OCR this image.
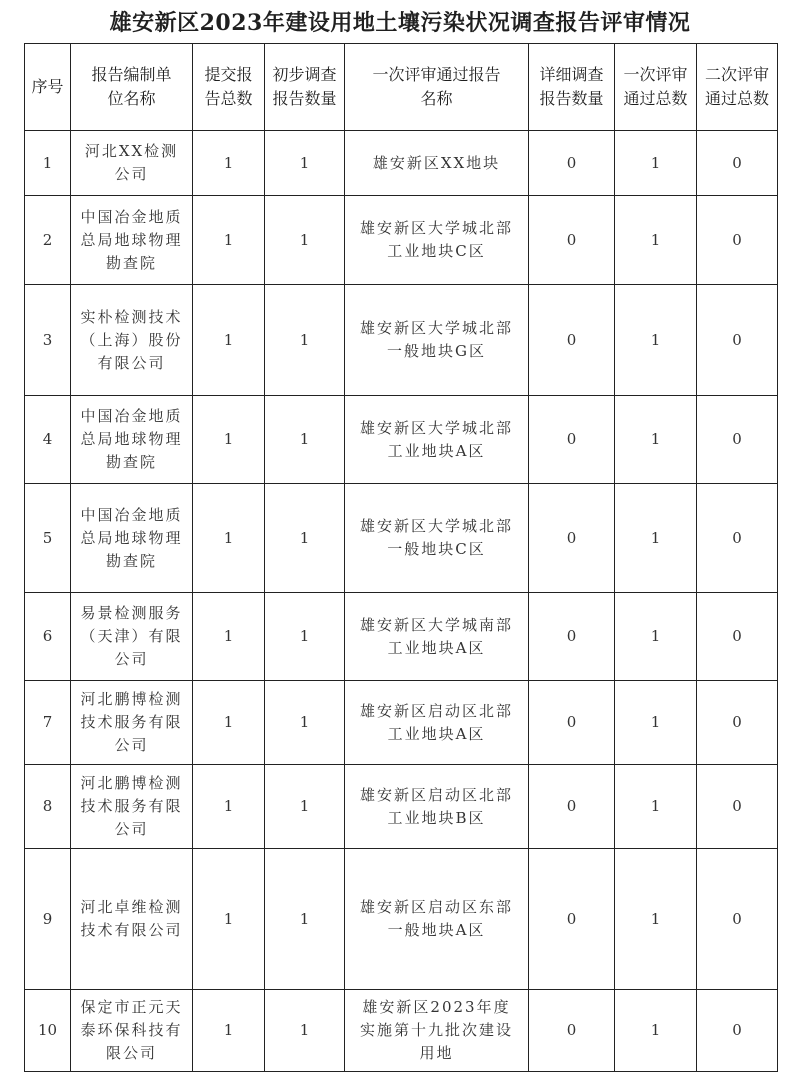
雄安新区2023年建设用地土壤污染状况调查报告评审情况
序号	报告编制单位名称	提交报告总数	初步调查报告数量	一次评审通过报告名称	详细调查报告数量	一次评审通过总数	二次评审通过总数

1	河北XX检测公司	1	1	雄安新区XX地块	0	1	0
2	中国冶金地质总局地球物理勘查院	1	1	雄安新区大学城北部工业地块C区	0	1	0
3	实朴检测技术（上海）股份有限公司	1	1	雄安新区大学城北部一般地块G区	0	1	0
4	中国冶金地质总局地球物理勘查院	1	1	雄安新区大学城北部工业地块A区	0	1	0
5	中国冶金地质总局地球物理勘查院	1	1	雄安新区大学城北部一般地块C区	0	1	0
6	易景检测服务（天津）有限公司	1	1	雄安新区大学城南部工业地块A区	0	1	0
7	河北鹏博检测技术服务有限公司	1	1	雄安新区启动区北部工业地块A区	0	1	0
8	河北鹏博检测技术服务有限公司	1	1	雄安新区启动区北部工业地块B区	0	1	0
9	河北卓维检测技术有限公司	1	1	雄安新区启动区东部一般地块A区	0	1	0
10	保定市正元天泰环保科技有限公司	1	1	雄安新区2023年度实施第十九批次建设用地	0	1	0
